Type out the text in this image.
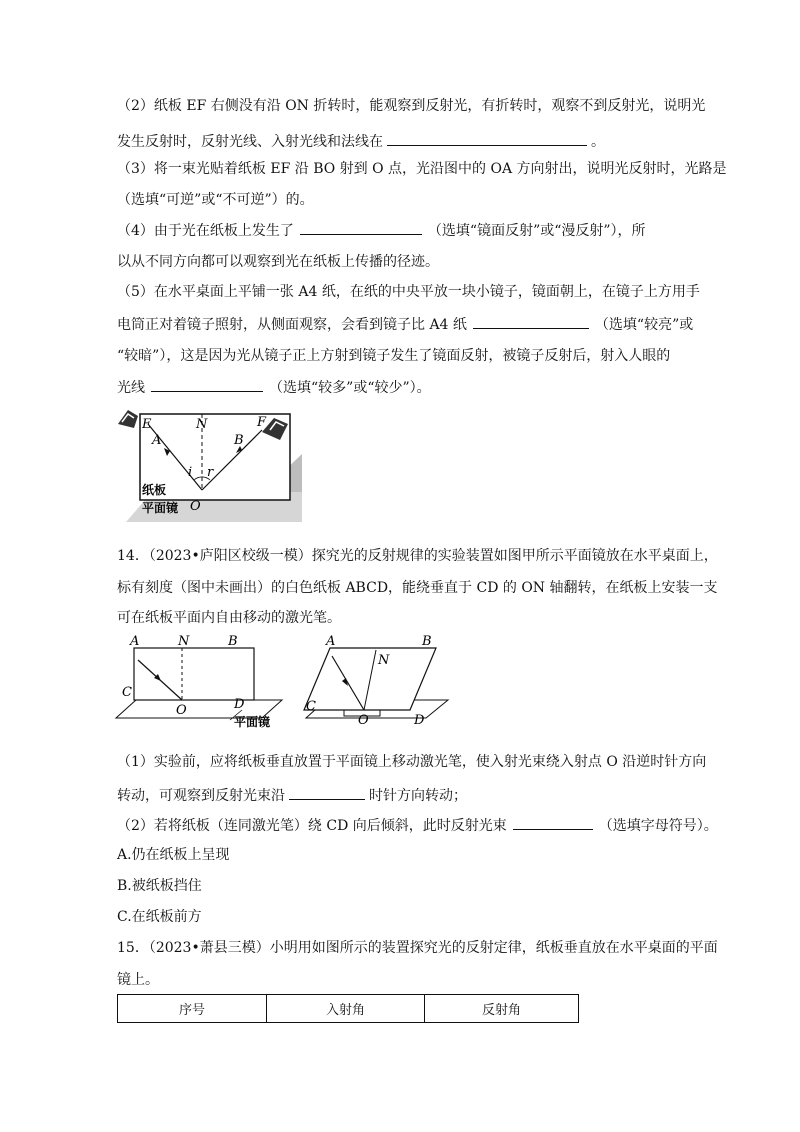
（2）纸板 EF 右侧没有沿 ON 折转时，能观察到反射光，有折转时，观察不到反射光，说明光
发生反射时，反射光线、入射光线和法线在	。
（3）将一束光贴着纸板 EF 沿 BO 射到 O 点，光沿图中的 OA 方向射出，说明光反射时，光路是
（选填“可逆”或“不可逆”）的。
（4）由于光在纸板上发生了	（选填“镜面反射”或“漫反射”），所
以从不同方向都可以观察到光在纸板上传播的径迹。
（5）在水平桌面上平铺一张 A4 纸，在纸的中央平放一块小镜子，镜面朝上，在镜子上方用手
电筒正对着镜子照射，从侧面观察，会看到镜子比 A4 纸	（选填“较亮”或
“较暗”），这是因为光从镜子正上方射到镜子发生了镜面反射，被镜子反射后，射入人眼的
光线	（选填“较多”或“较少”）。
E	N	F
A	B
i r
O
纸板
平面镜
14．（2023•庐阳区校级一模）探究光的反射规律的实验装置如图甲所示平面镜放在水平桌面上，
标有刻度（图中未画出）的白色纸板 ABCD，能绕垂直于 CD 的 ON 轴翻转，在纸板上安装一支
可在纸板平面内自由移动的激光笔。
A	N	B
C
D
O
平面镜
A
N
B
C
D
O
（1）实验前，应将纸板垂直放置于平面镜上移动激光笔，使入射光束绕入射点 O 沿逆时针方向
转动，可观察到反射光束沿	时针方向转动；
（2）若将纸板（连同激光笔）绕 CD 向后倾斜，此时反射光束	（选填字母符号）。
A.仍在纸板上呈现
B.被纸板挡住
C.在纸板前方
15．（2023•萧县三模）小明用如图所示的装置探究光的反射定律，纸板垂直放在水平桌面的平面
镜上。
序号	入射角	反射角
